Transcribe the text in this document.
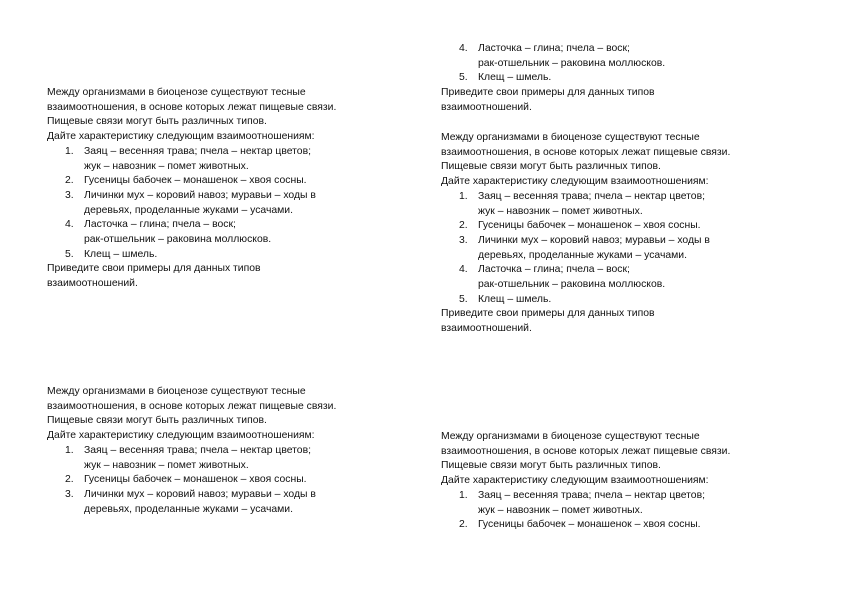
4. Ласточка – глина; пчела – воск;
рак-отшельник – раковина моллюсков.
5. Клещ – шмель.
Приведите свои примеры для данных типов
взаимоотношений.
Между организмами в биоценозе существуют тесные
взаимоотношения, в основе которых лежат пищевые связи.
Пищевые связи могут быть различных типов.
Дайте характеристику следующим взаимоотношениям:
1. Заяц – весенняя трава; пчела – нектар цветов;
жук – навозник – помет животных.
2. Гусеницы бабочек – монашенок – хвоя сосны.
3. Личинки мух – коровий навоз; муравьи – ходы в
деревьях, проделанные жуками – усачами.
4. Ласточка – глина; пчела – воск;
рак-отшельник – раковина моллюсков.
5. Клещ – шмель.
Приведите свои примеры для данных типов
взаимоотношений.
Между организмами в биоценозе существуют тесные
взаимоотношения, в основе которых лежат пищевые связи.
Пищевые связи могут быть различных типов.
Дайте характеристику следующим взаимоотношениям:
1. Заяц – весенняя трава; пчела – нектар цветов;
жук – навозник – помет животных.
2. Гусеницы бабочек – монашенок – хвоя сосны.
3. Личинки мух – коровий навоз; муравьи – ходы в
деревьях, проделанные жуками – усачами.
4. Ласточка – глина; пчела – воск;
рак-отшельник – раковина моллюсков.
5. Клещ – шмель.
Приведите свои примеры для данных типов
взаимоотношений.
Между организмами в биоценозе существуют тесные
взаимоотношения, в основе которых лежат пищевые связи.
Пищевые связи могут быть различных типов.
Дайте характеристику следующим взаимоотношениям:
1. Заяц – весенняя трава; пчела – нектар цветов;
жук – навозник – помет животных.
2. Гусеницы бабочек – монашенок – хвоя сосны.
3. Личинки мух – коровий навоз; муравьи – ходы в
деревьях, проделанные жуками – усачами.
Между организмами в биоценозе существуют тесные
взаимоотношения, в основе которых лежат пищевые связи.
Пищевые связи могут быть различных типов.
Дайте характеристику следующим взаимоотношениям:
1. Заяц – весенняя трава; пчела – нектар цветов;
жук – навозник – помет животных.
2. Гусеницы бабочек – монашенок – хвоя сосны.
